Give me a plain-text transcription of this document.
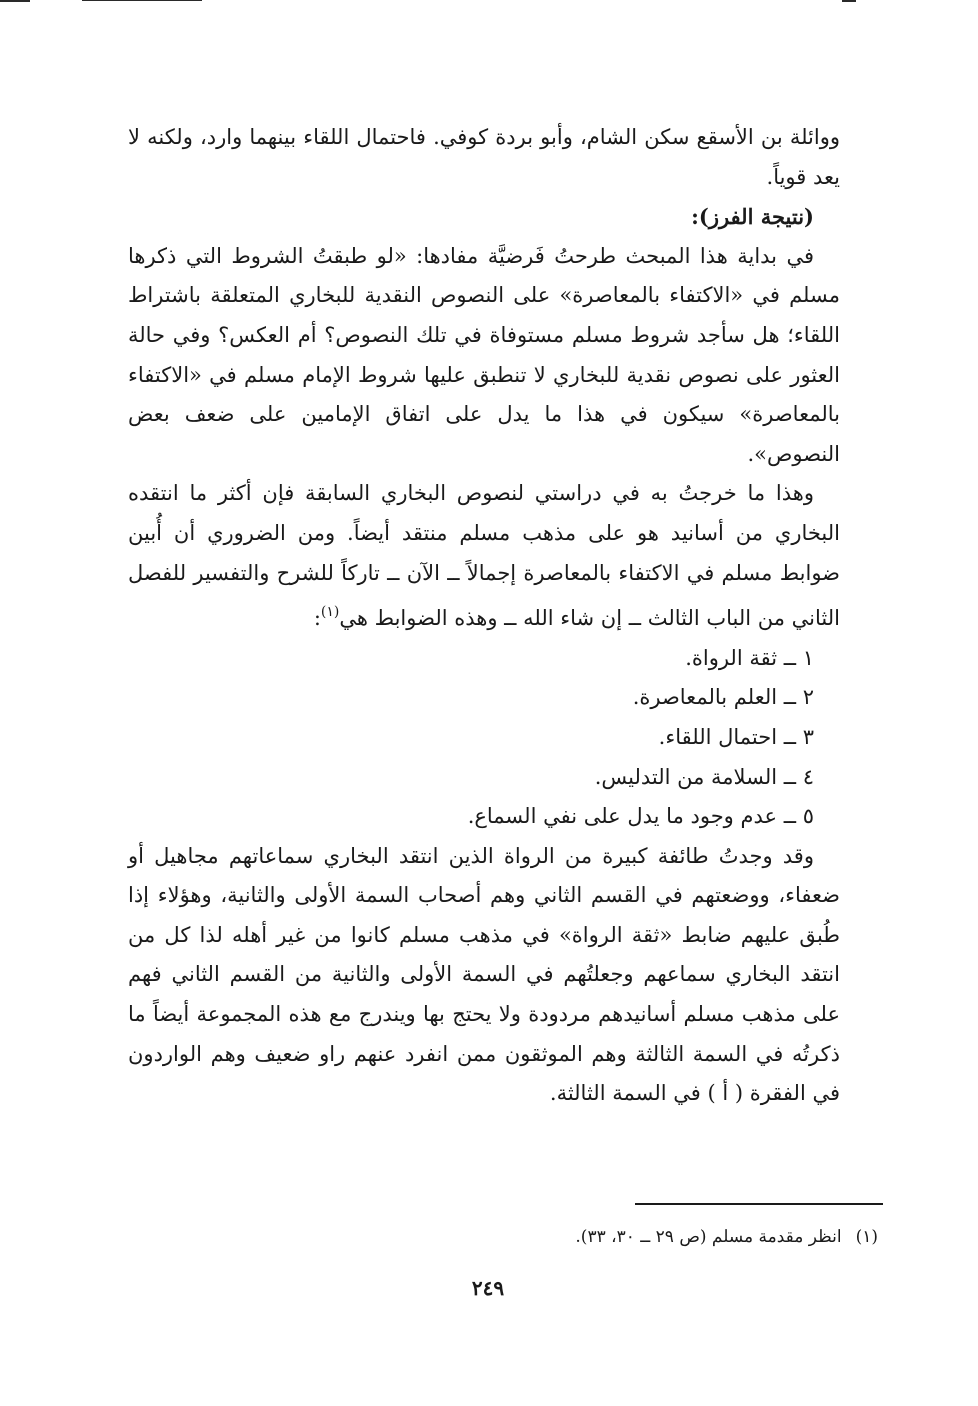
ووائلة بن الأسقع سكن الشام، وأبو بردة كوفي. فاحتمال اللقاء بينهما وارد، ولكنه لا يعد قوياً.

(نتيجة الفرز):

في بداية هذا المبحث طرحتُ فَرضيَّة مفادها: «لو طبقتُ الشروط التي ذكرها مسلم في «الاكتفاء بالمعاصرة» على النصوص النقدية للبخاري المتعلقة باشتراط اللقاء؛ هل سأجد شروط مسلم مستوفاة في تلك النصوص؟ أم العكس؟ وفي حالة العثور على نصوص نقدية للبخاري لا تنطبق عليها شروط الإمام مسلم في «الاكتفاء بالمعاصرة» سيكون في هذا ما يدل على اتفاق الإمامين على ضعف بعض النصوص».

وهذا ما خرجتُ به في دراستي لنصوص البخاري السابقة فإن أكثر ما انتقده البخاري من أسانيد هو على مذهب مسلم منتقد أيضاً. ومن الضروري أن أُبين ضوابط مسلم في الاكتفاء بالمعاصرة إجمالاً ــ الآن ــ تاركاً للشرح والتفسير للفصل الثاني من الباب الثالث ــ إن شاء الله ــ وهذه الضوابط هي$^{(١)}$:

١ ــ ثقة الرواة.

٢ ــ العلم بالمعاصرة.

٣ ــ احتمال اللقاء.

٤ ــ السلامة من التدليس.

٥ ــ عدم وجود ما يدل على نفي السماع.

وقد وجدتُ طائفة كبيرة من الرواة الذين انتقد البخاري سماعاتهم مجاهيل أو ضعفاء، ووضعتهم في القسم الثاني وهم أصحاب السمة الأولى والثانية، وهؤلاء إذا طُبق عليهم ضابط «ثقة الرواة» في مذهب مسلم كانوا من غير أهله لذا كل من انتقد البخاري سماعهم وجعلتُهم في السمة الأولى والثانية من القسم الثاني فهم على مذهب مسلم أسانيدهم مردودة ولا يحتج بها ويندرج مع هذه المجموعة أيضاً ما ذكرتُه في السمة الثالثة وهم الموثقون ممن انفرد عنهم راو ضعيف وهم الواردون في الفقرة ( أ ) في السمة الثالثة.

(١)انظر مقدمة مسلم (ص ٢٩ ــ ٣٠، ٣٣).
٢٤٩
